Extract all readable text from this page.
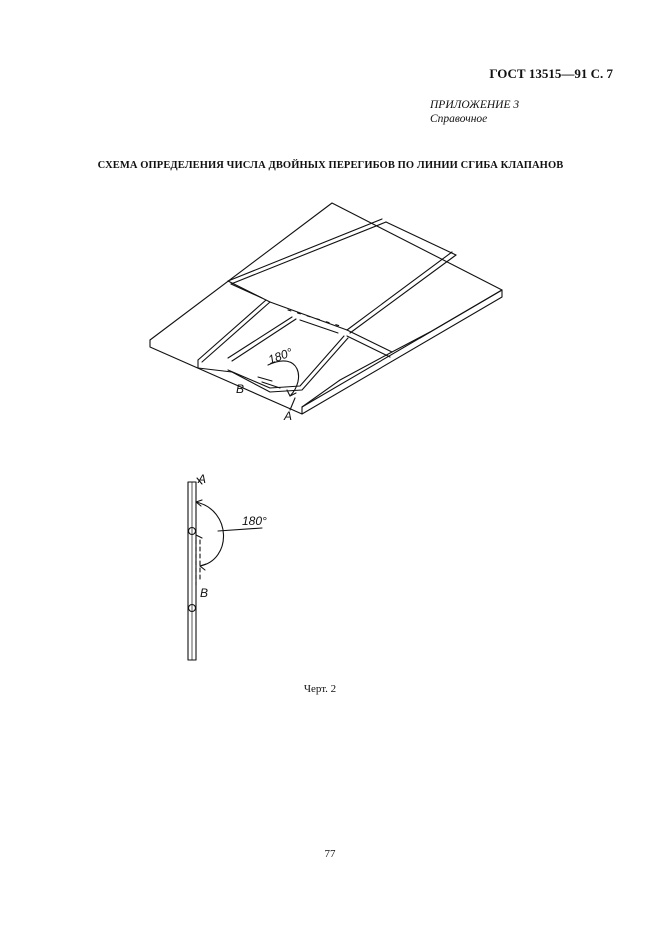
ГОСТ 13515—91 С. 7
ПРИЛОЖЕНИЕ 3
Справочное
СХЕМА ОПРЕДЕЛЕНИЯ ЧИСЛА ДВОЙНЫХ ПЕРЕГИБОВ ПО ЛИНИИ СГИБА КЛАПАНОВ
180°
B
A
A
180°
B
Черт. 2
77
